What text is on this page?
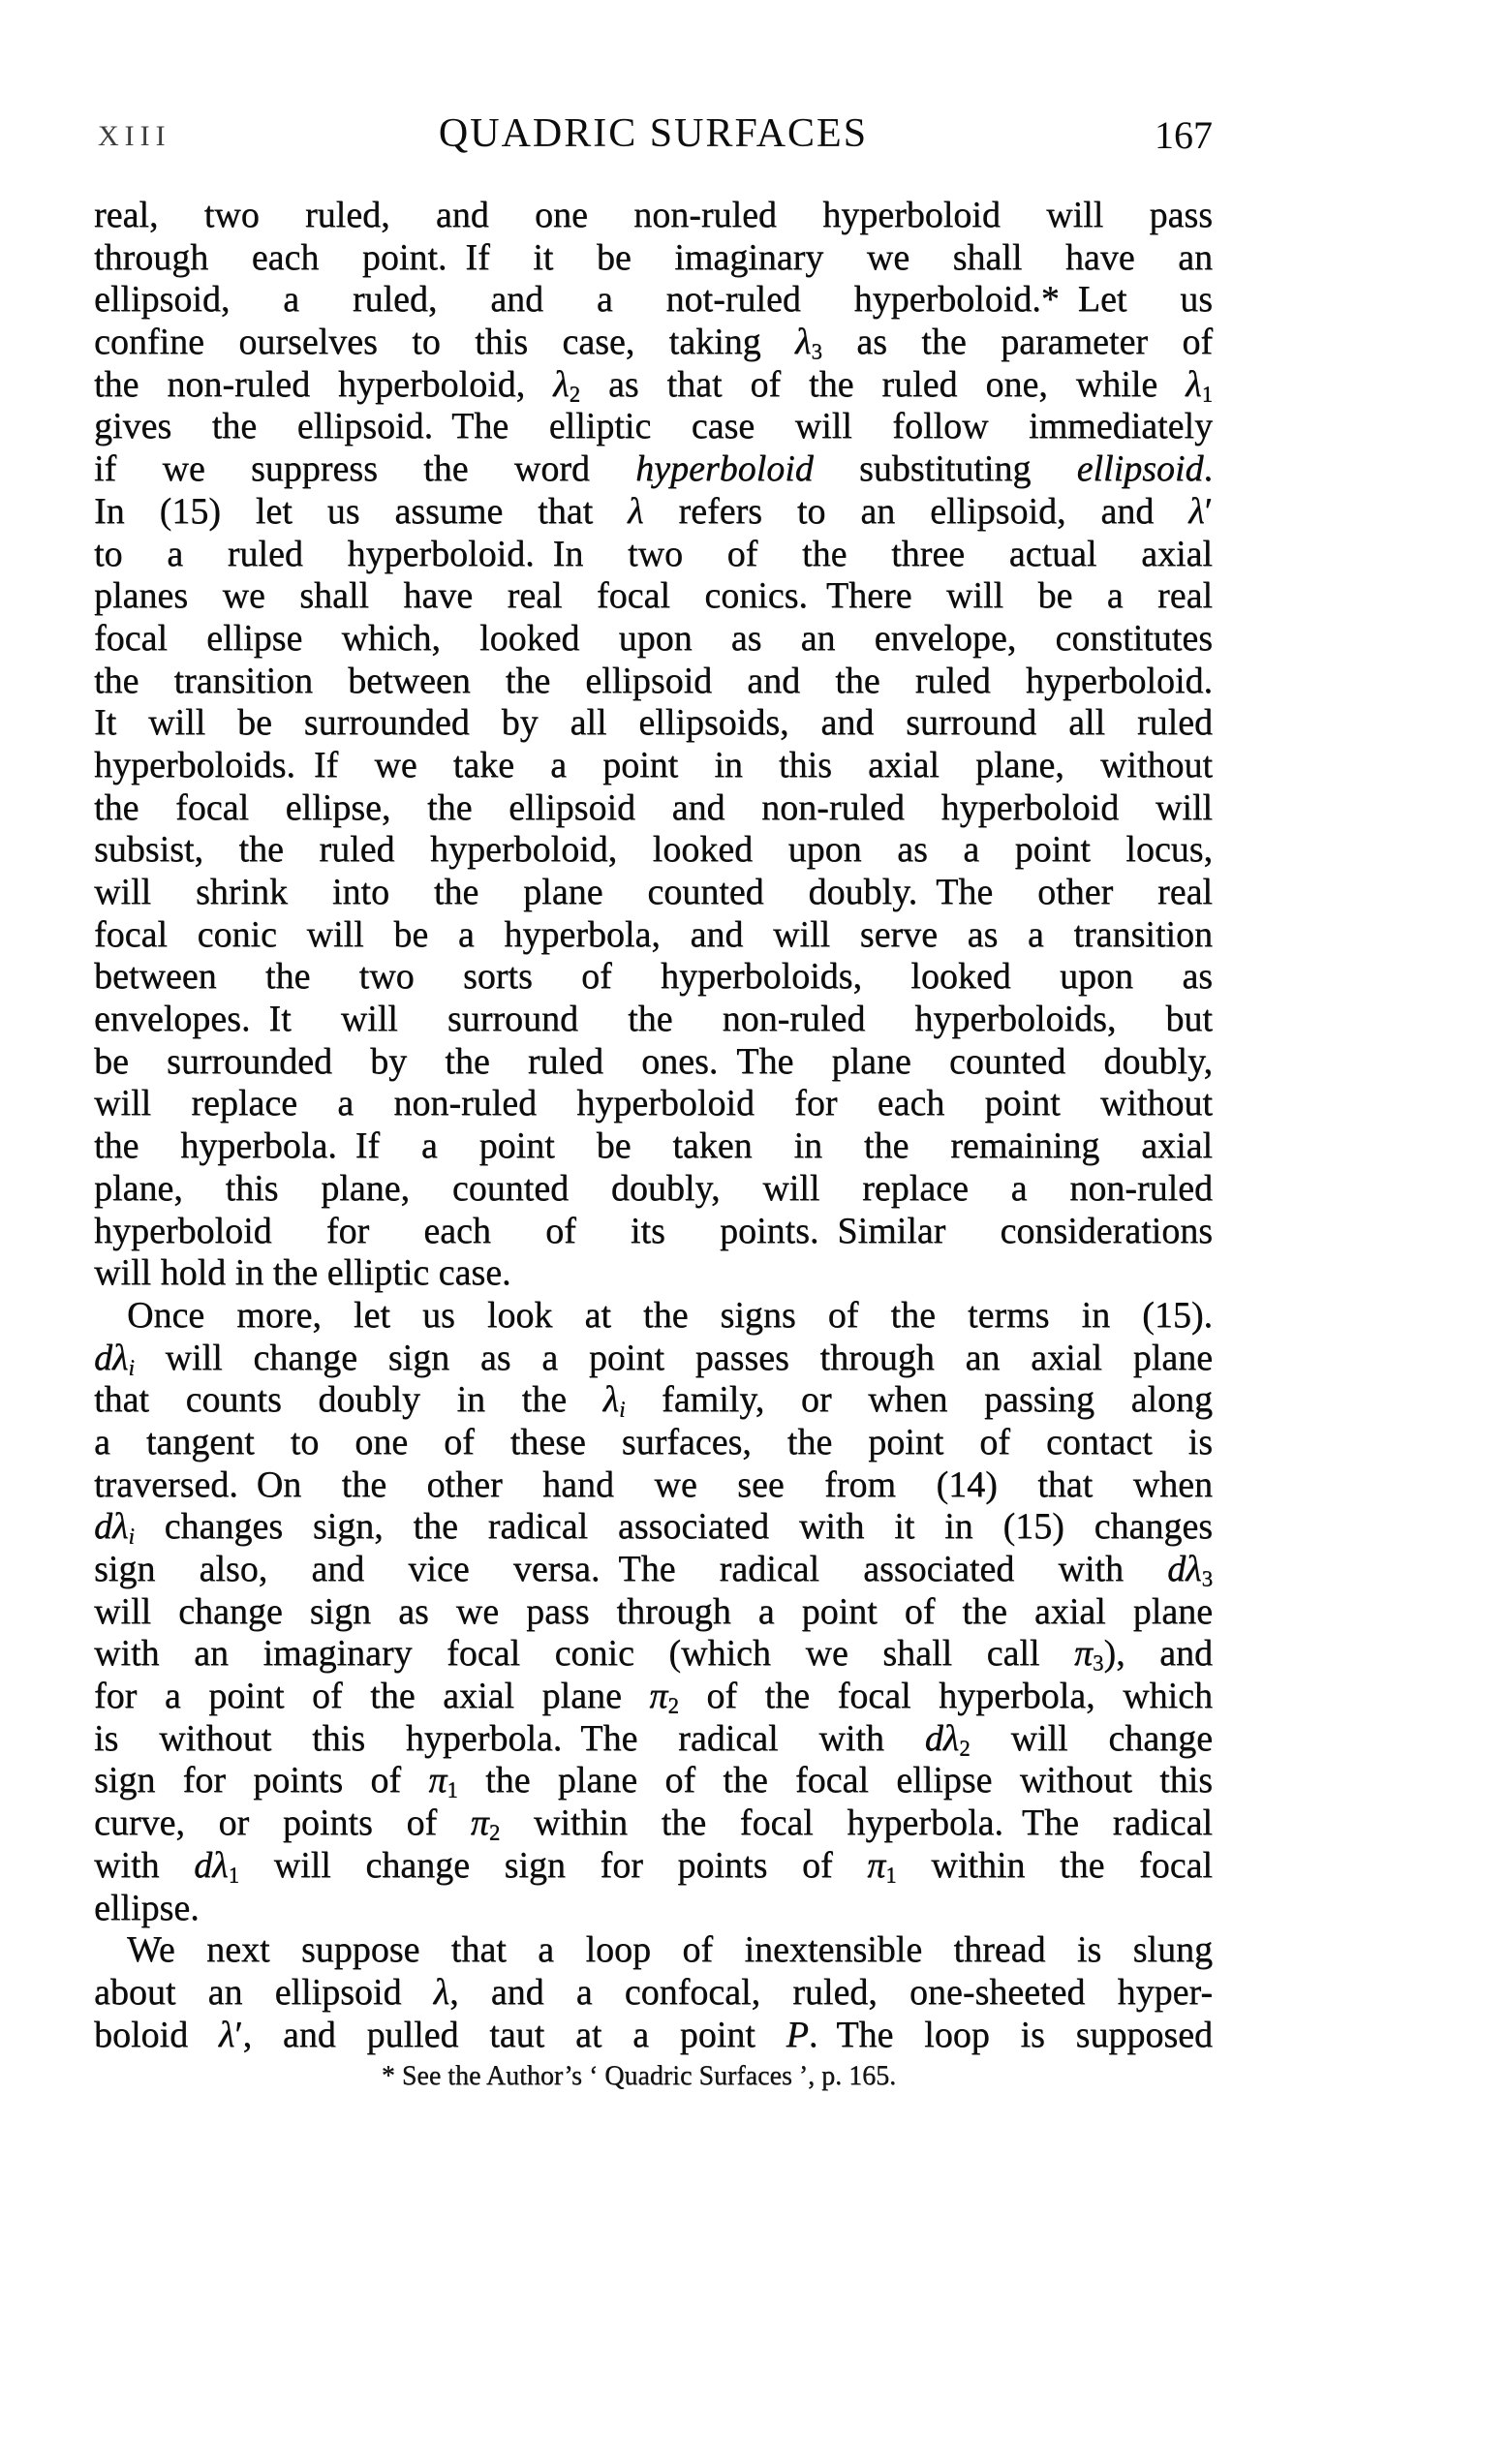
XIII	QUADRIC SURFACES	167
real, two ruled, and one non-ruled hyperboloid will pass
through each point. If it be imaginary we shall have an
ellipsoid, a ruled, and a not-ruled hyperboloid.* Let us
confine ourselves to this case, taking $\lambda_3$ as the parameter of
the non-ruled hyperboloid, $\lambda_2$ as that of the ruled one, while $\lambda_1$
gives the ellipsoid. The elliptic case will follow immediately
if we suppress the word hyperboloid substituting ellipsoid.
In (15) let us assume that λ refers to an ellipsoid, and λ′
to a ruled hyperboloid. In two of the three actual axial
planes we shall have real focal conics. There will be a real
focal ellipse which, looked upon as an envelope, constitutes
the transition between the ellipsoid and the ruled hyperboloid.
It will be surrounded by all ellipsoids, and surround all ruled
hyperboloids. If we take a point in this axial plane, without
the focal ellipse, the ellipsoid and non-ruled hyperboloid will
subsist, the ruled hyperboloid, looked upon as a point locus,
will shrink into the plane counted doubly. The other real
focal conic will be a hyperbola, and will serve as a transition
between the two sorts of hyperboloids, looked upon as
envelopes. It will surround the non-ruled hyperboloids, but
be surrounded by the ruled ones. The plane counted doubly,
will replace a non-ruled hyperboloid for each point without
the hyperbola. If a point be taken in the remaining axial
plane, this plane, counted doubly, will replace a non-ruled
hyperboloid for each of its points. Similar considerations
will hold in the elliptic case.
Once more, let us look at the signs of the terms in (15).
$d\lambda_i$ will change sign as a point passes through an axial plane
that counts doubly in the $\lambda_i$ family, or when passing along
a tangent to one of these surfaces, the point of contact is
traversed. On the other hand we see from (14) that when
$d\lambda_i$ changes sign, the radical associated with it in (15) changes
sign also, and vice versa. The radical associated with $d\lambda_3$
will change sign as we pass through a point of the axial plane
with an imaginary focal conic (which we shall call $\pi_3$), and
for a point of the axial plane $\pi_2$ of the focal hyperbola, which
is without this hyperbola. The radical with $d\lambda_2$ will change
sign for points of $\pi_1$ the plane of the focal ellipse without this
curve, or points of $\pi_2$ within the focal hyperbola. The radical
with $d\lambda_1$ will change sign for points of $\pi_1$ within the focal
ellipse.
We next suppose that a loop of inextensible thread is slung
about an ellipsoid λ, and a confocal, ruled, one-sheeted hyper-
boloid λ′, and pulled taut at a point P. The loop is supposed
* See the Author’s ‘ Quadric Surfaces ’, p. 165.
